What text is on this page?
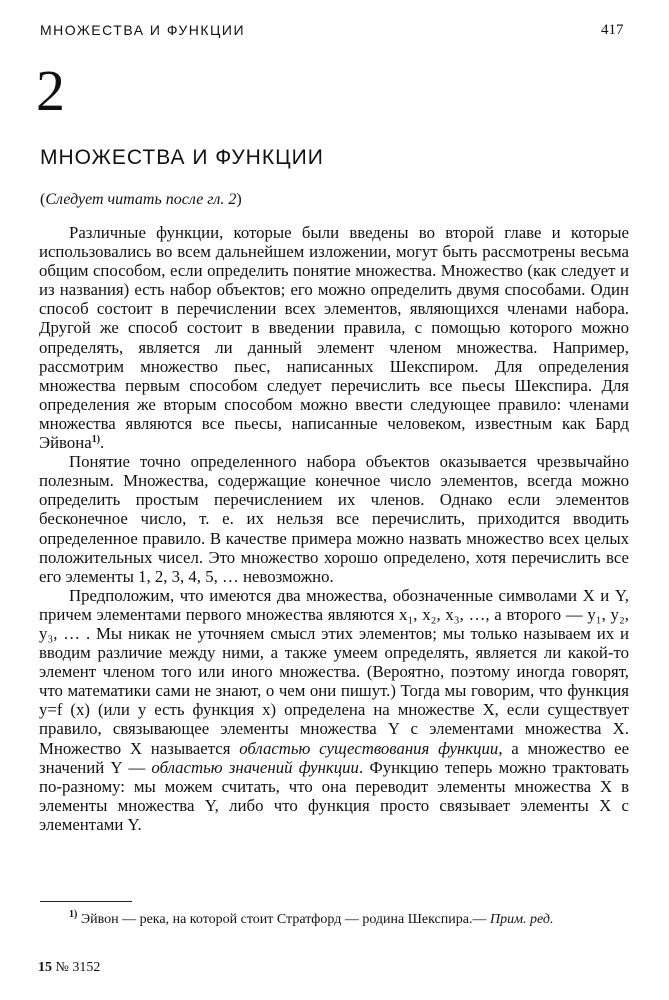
МНОЖЕСТВА И ФУНКЦИИ	417
2
МНОЖЕСТВА И ФУНКЦИИ
(Следует читать после гл. 2)

Различные функции, которые были введены во второй главе и которые использовались во всем дальнейшем изложении, могут быть рассмотрены весьма общим способом, если определить понятие множества. Множество (как следует и из названия) есть набор объектов; его можно определить двумя способами. Один способ состоит в перечислении всех элементов, являющихся членами набора. Другой же способ состоит в введении правила, с помощью которого можно определять, является ли данный элемент членом множества. Например, рассмотрим множество пьес, написанных Шекспиром. Для определения множества первым способом следует перечислить все пьесы Шекспира. Для определения же вторым способом можно ввести следующее правило: членами множества являются все пьесы, написанные человеком, известным как Бард Эйвона$^{1)}$.

Понятие точно определенного набора объектов оказывается чрезвычайно полезным. Множества, содержащие конечное число элементов, всегда можно определить простым перечислением их членов. Однако если элементов бесконечное число, т. е. их нельзя все перечислить, приходится вводить определенное правило. В качестве примера можно назвать множество всех целых положительных чисел. Это множество хорошо определено, хотя перечислить все его элементы 1, 2, 3, 4, 5, … невозможно.

Предположим, что имеются два множества, обозначенные символами X и Y, причем элементами первого множества являются x₁, x₂, x₃, …, а второго — y₁, y₂, y₃, … . Мы никак не уточняем смысл этих элементов; мы только называем их и вводим различие между ними, а также умеем определять, является ли какой-то элемент членом того или иного множества. (Вероятно, поэтому иногда говорят, что математики сами не знают, о чем они пишут.) Тогда мы говорим, что функция y=f (x) (или y есть функция x) определена на множестве X, если существует правило, связывающее элементы множества Y с элементами множества X. Множество X называется областью существования функции, а множество ее значений Y — областью значений функции. Функцию теперь можно трактовать по-разному: мы можем считать, что она переводит элементы множества X в элементы множества Y, либо что функция просто связывает элементы X с элементами Y.

$^{1)}$ Эйвон — река, на которой стоит Стратфорд — родина Шекспира.— Прим. ред.
15 № 3152
